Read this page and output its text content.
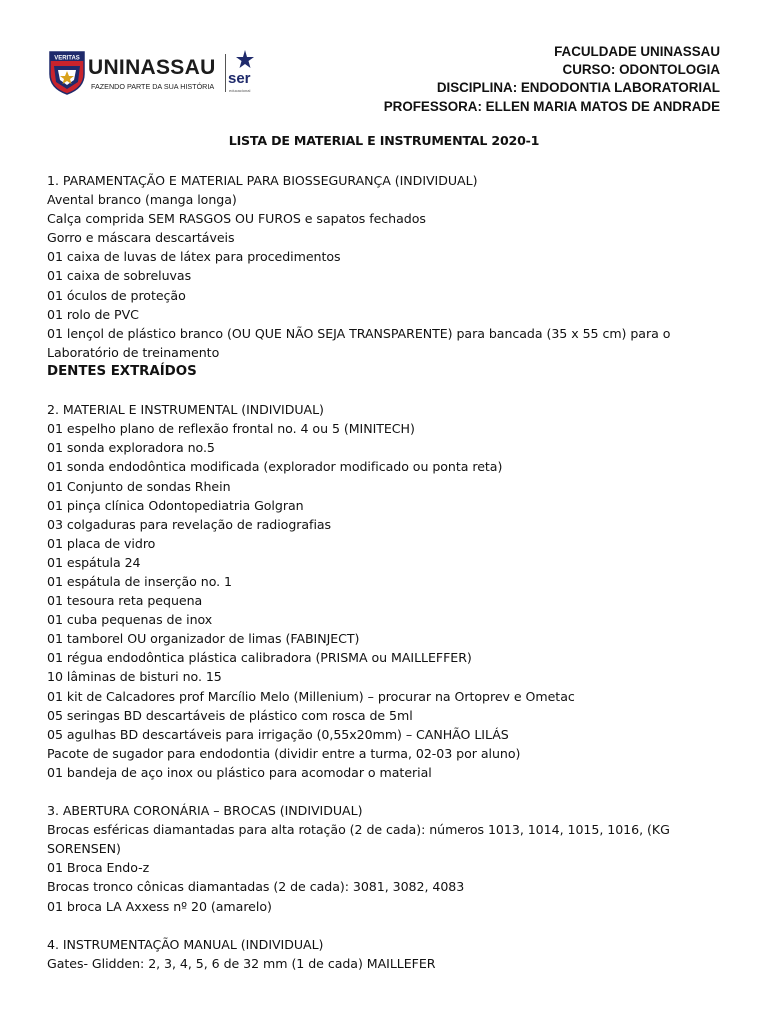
VERITAS UNINASSAU
FAZENDO PARTE DA SUA HISTÓRIA ser
educacional
FACULDADE UNINASSAU
CURSO: ODONTOLOGIA
DISCIPLINA: ENDODONTIA LABORATORIAL
PROFESSORA: ELLEN MARIA MATOS DE ANDRADE
LISTA DE MATERIAL E INSTRUMENTAL 2020-1
1. PARAMENTAÇÃO E MATERIAL PARA BIOSSEGURANÇA (INDIVIDUAL)
Avental branco (manga longa)
Calça comprida SEM RASGOS OU FUROS e sapatos fechados
Gorro e máscara descartáveis
01 caixa de luvas de látex para procedimentos
01 caixa de sobreluvas
01 óculos de proteção
01 rolo de PVC
01 lençol de plástico branco (OU QUE NÃO SEJA TRANSPARENTE) para bancada (35 x 55 cm) para o Laboratório de treinamento
DENTES EXTRAÍDOS
2. MATERIAL E INSTRUMENTAL (INDIVIDUAL)
01 espelho plano de reflexão frontal no. 4 ou 5 (MINITECH)
01 sonda exploradora no.5
01 sonda endodôntica modificada (explorador modificado ou ponta reta)
01 Conjunto de sondas Rhein
01 pinça clínica Odontopediatria Golgran
03 colgaduras para revelação de radiografias
01 placa de vidro
01 espátula 24
01 espátula de inserção no. 1
01 tesoura reta pequena
01 cuba pequenas de inox
01 tamborel OU organizador de limas (FABINJECT)
01 régua endodôntica plástica calibradora (PRISMA ou MAILLEFFER)
10 lâminas de bisturi no. 15
01 kit de Calcadores prof Marcílio Melo (Millenium) – procurar na Ortoprev e Ometac
05 seringas BD descartáveis de plástico com rosca de 5ml
05 agulhas BD descartáveis para irrigação (0,55x20mm) – CANHÃO LILÁS
Pacote de sugador para endodontia (dividir entre a turma, 02-03 por aluno)
01 bandeja de aço inox ou plástico para acomodar o material
3. ABERTURA CORONÁRIA – BROCAS (INDIVIDUAL)
Brocas esféricas diamantadas para alta rotação (2 de cada): números 1013, 1014, 1015, 1016, (KG SORENSEN)
01 Broca Endo-z
Brocas tronco cônicas diamantadas (2 de cada): 3081, 3082, 4083
01 broca LA Axxess nº 20 (amarelo)
4. INSTRUMENTAÇÃO MANUAL (INDIVIDUAL)
Gates- Glidden: 2, 3, 4, 5, 6 de 32 mm (1 de cada) MAILLEFER
